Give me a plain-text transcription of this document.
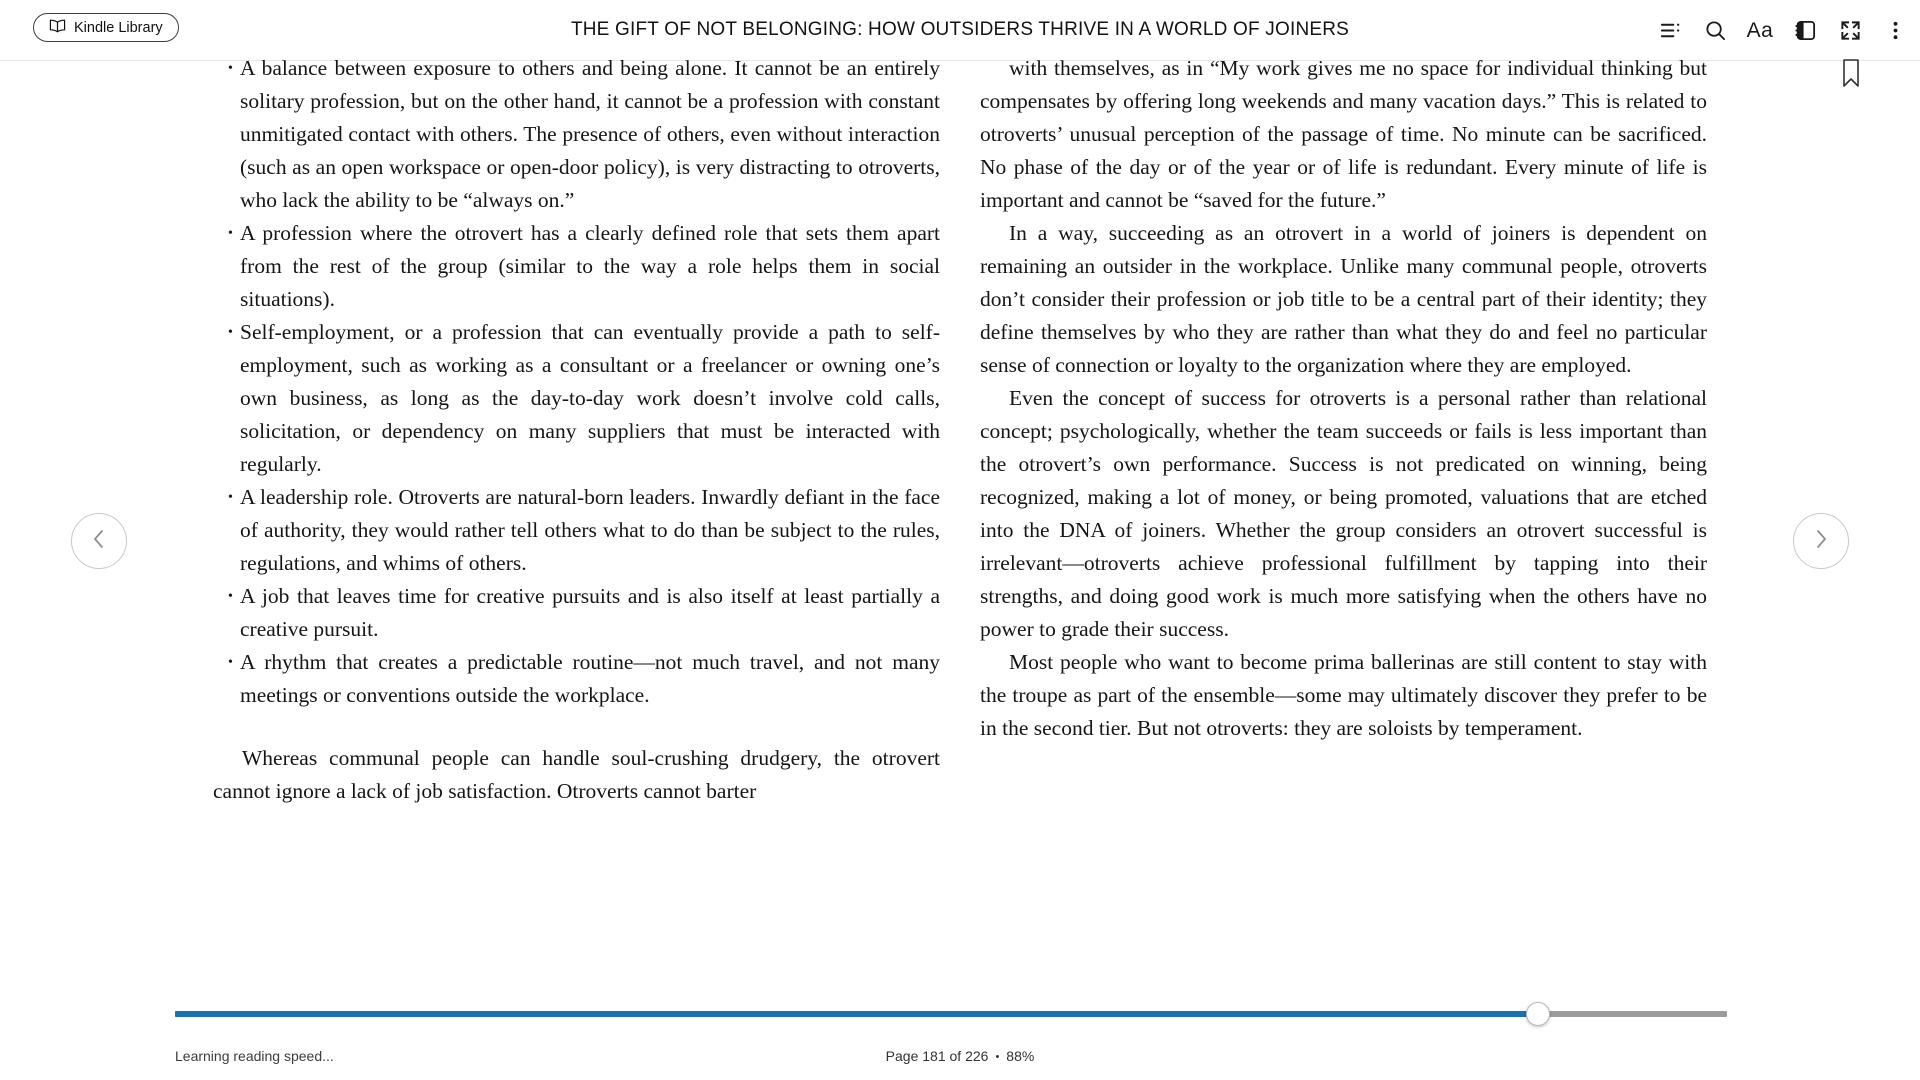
Kindle Library	THE GIFT OF NOT BELONGING: HOW OUTSIDERS THRIVE IN A WORLD OF JOINERS	Aa
• A balance between exposure to others and being alone. It cannot be an entirely solitary profession, but on the other hand, it cannot be a profession with constant unmitigated contact with others. The presence of others, even without interaction (such as an open workspace or open-door policy), is very distracting to otroverts, who lack the ability to be “always on.”
• A profession where the otrovert has a clearly defined role that sets them apart from the rest of the group (similar to the way a role helps them in social situations).
• Self-employment, or a profession that can eventually provide a path to self-employment, such as working as a consultant or a freelancer or owning one’s own business, as long as the day-to-day work doesn’t involve cold calls, solicitation, or dependency on many suppliers that must be interacted with regularly.
• A leadership role. Otroverts are natural-born leaders. Inwardly defiant in the face of authority, they would rather tell others what to do than be subject to the rules, regulations, and whims of others.
• A job that leaves time for creative pursuits and is also itself at least partially a creative pursuit.
• A rhythm that creates a predictable routine—not much travel, and not many meetings or conventions outside the workplace.

Whereas communal people can handle soul-crushing drudgery, the otrovert cannot ignore a lack of job satisfaction. Otroverts cannot barter

with themselves, as in “My work gives me no space for individual thinking but compensates by offering long weekends and many vacation days.” This is related to otroverts’ unusual perception of the passage of time. No minute can be sacrificed. No phase of the day or of the year or of life is redundant. Every minute of life is important and cannot be “saved for the future.”

In a way, succeeding as an otrovert in a world of joiners is dependent on remaining an outsider in the workplace. Unlike many communal people, otroverts don’t consider their profession or job title to be a central part of their identity; they define themselves by who they are rather than what they do and feel no particular sense of connection or loyalty to the organization where they are employed.

Even the concept of success for otroverts is a personal rather than relational concept; psychologically, whether the team succeeds or fails is less important than the otrovert’s own performance. Success is not predicated on winning, being recognized, making a lot of money, or being promoted, valuations that are etched into the DNA of joiners. Whether the group considers an otrovert successful is irrelevant—otroverts achieve professional fulfillment by tapping into their strengths, and doing good work is much more satisfying when the others have no power to grade their success.

Most people who want to become prima ballerinas are still content to stay with the troupe as part of the ensemble—some may ultimately discover they prefer to be in the second tier. But not otroverts: they are soloists by temperament.

Learning reading speed...	Page 181 of 226 • 88%
